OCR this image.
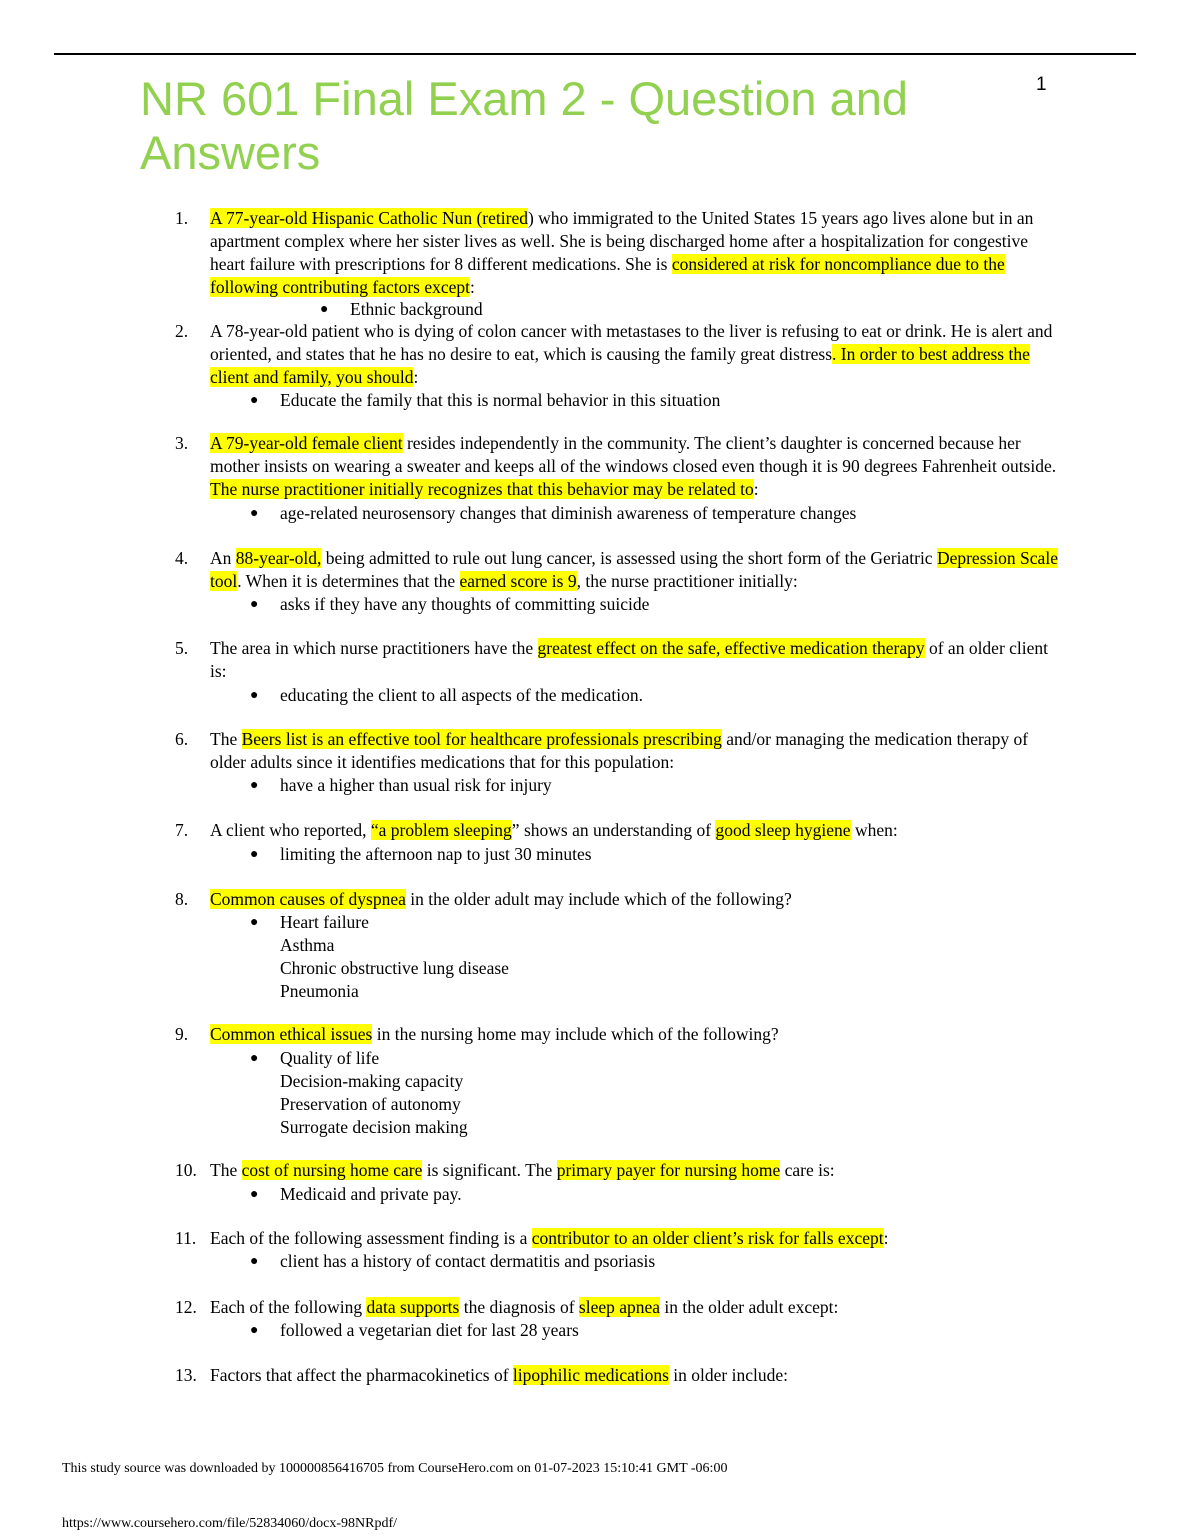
NR 601 Final Exam 2 - Question and Answers
1
1. A 77-year-old Hispanic Catholic Nun (retired) who immigrated to the United States 15 years ago lives alone but in an apartment complex where her sister lives as well. She is being discharged home after a hospitalization for congestive heart failure with prescriptions for 8 different medications. She is considered at risk for noncompliance due to the following contributing factors except:
● Ethnic background
2. A 78-year-old patient who is dying of colon cancer with metastases to the liver is refusing to eat or drink. He is alert and oriented, and states that he has no desire to eat, which is causing the family great distress. In order to best address the client and family, you should:
● Educate the family that this is normal behavior in this situation
3. A 79-year-old female client resides independently in the community. The client’s daughter is concerned because her mother insists on wearing a sweater and keeps all of the windows closed even though it is 90 degrees Fahrenheit outside. The nurse practitioner initially recognizes that this behavior may be related to:
● age-related neurosensory changes that diminish awareness of temperature changes
4. An 88-year-old, being admitted to rule out lung cancer, is assessed using the short form of the Geriatric Depression Scale tool. When it is determines that the earned score is 9, the nurse practitioner initially:
● asks if they have any thoughts of committing suicide
5. The area in which nurse practitioners have the greatest effect on the safe, effective medication therapy of an older client is:
● educating the client to all aspects of the medication.
6. The Beers list is an effective tool for healthcare professionals prescribing and/or managing the medication therapy of older adults since it identifies medications that for this population:
● have a higher than usual risk for injury
7. A client who reported, “a problem sleeping” shows an understanding of good sleep hygiene when:
● limiting the afternoon nap to just 30 minutes
8. Common causes of dyspnea in the older adult may include which of the following?
● Heart failure
Asthma
Chronic obstructive lung disease
Pneumonia
9. Common ethical issues in the nursing home may include which of the following?
● Quality of life
Decision-making capacity
Preservation of autonomy
Surrogate decision making
10. The cost of nursing home care is significant. The primary payer for nursing home care is:
● Medicaid and private pay.
11. Each of the following assessment finding is a contributor to an older client’s risk for falls except:
● client has a history of contact dermatitis and psoriasis
12. Each of the following data supports the diagnosis of sleep apnea in the older adult except:
● followed a vegetarian diet for last 28 years
13. Factors that affect the pharmacokinetics of lipophilic medications in older include:
This study source was downloaded by 100000856416705 from CourseHero.com on 01-07-2023 15:10:41 GMT -06:00
https://www.coursehero.com/file/52834060/docx-98NRpdf/
